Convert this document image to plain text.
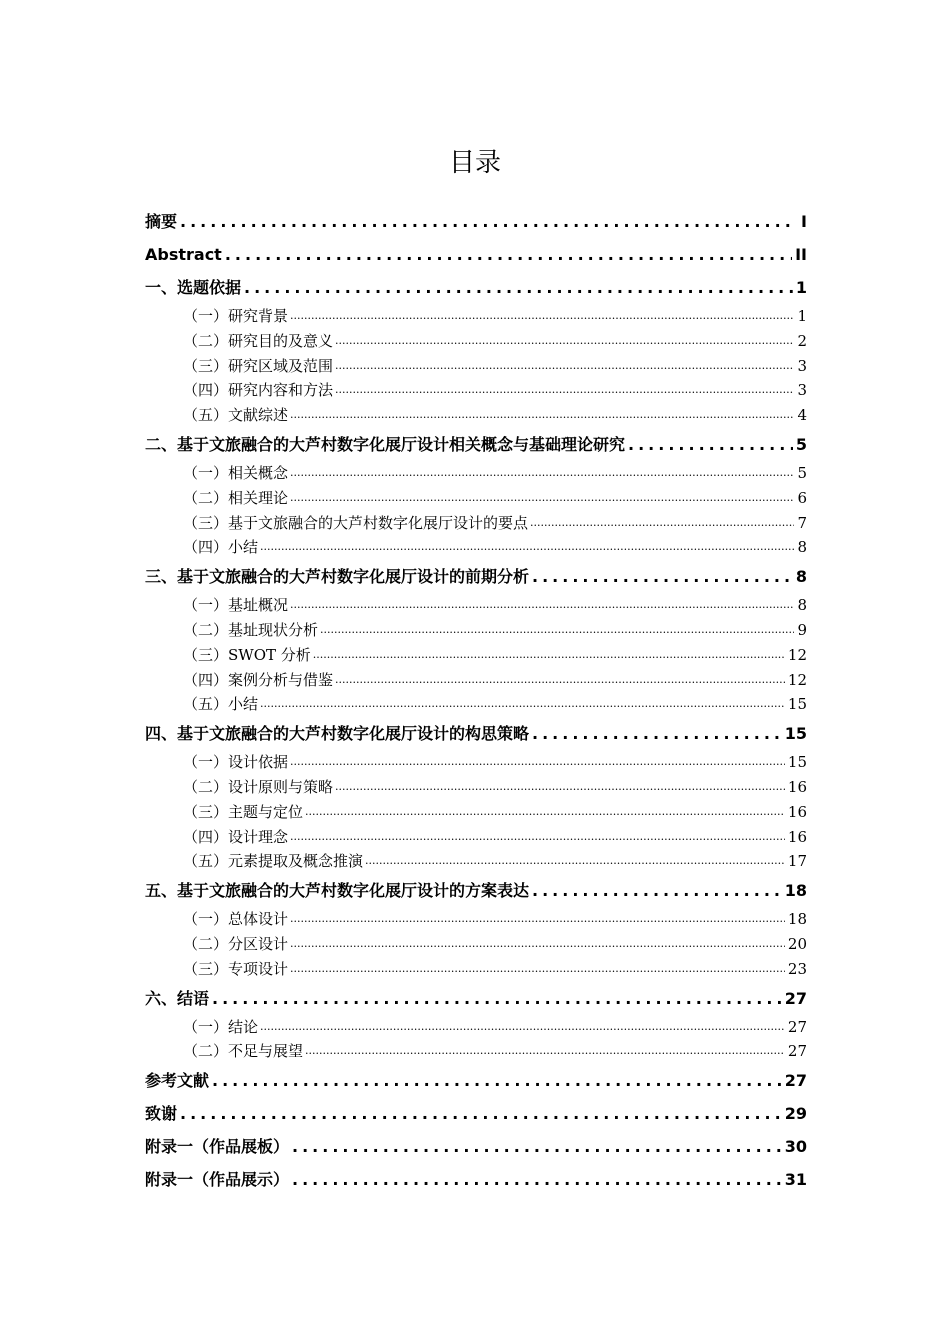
目录
摘要 .....	I
Abstract .....	II
一、选题依据 .....	1
（一）研究背景 .....	1
（二）研究目的及意义 .....	2
（三）研究区域及范围 .....	3
（四）研究内容和方法 .....	3
（五）文献综述 .....	4
二、基于文旅融合的大芦村数字化展厅设计相关概念与基础理论研究 .....	5
（一）相关概念 .....	5
（二）相关理论 .....	6
（三）基于文旅融合的大芦村数字化展厅设计的要点 .....	7
（四）小结 .....	8
三、基于文旅融合的大芦村数字化展厅设计的前期分析 .....	8
（一）基址概况 .....	8
（二）基址现状分析 .....	9
（三）SWOT 分析 .....	12
（四）案例分析与借鉴 .....	12
（五）小结 .....	15
四、基于文旅融合的大芦村数字化展厅设计的构思策略 .....	15
（一）设计依据 .....	15
（二）设计原则与策略 .....	16
（三）主题与定位 .....	16
（四）设计理念 .....	16
（五）元素提取及概念推演 .....	17
五、基于文旅融合的大芦村数字化展厅设计的方案表达 .....	18
（一）总体设计 .....	18
（二）分区设计 .....	20
（三）专项设计 .....	23
六、结语 .....	27
（一）结论 .....	27
（二）不足与展望 .....	27
参考文献 .....	27
致谢 .....	29
附录一（作品展板） .....	30
附录一（作品展示） .....	31
